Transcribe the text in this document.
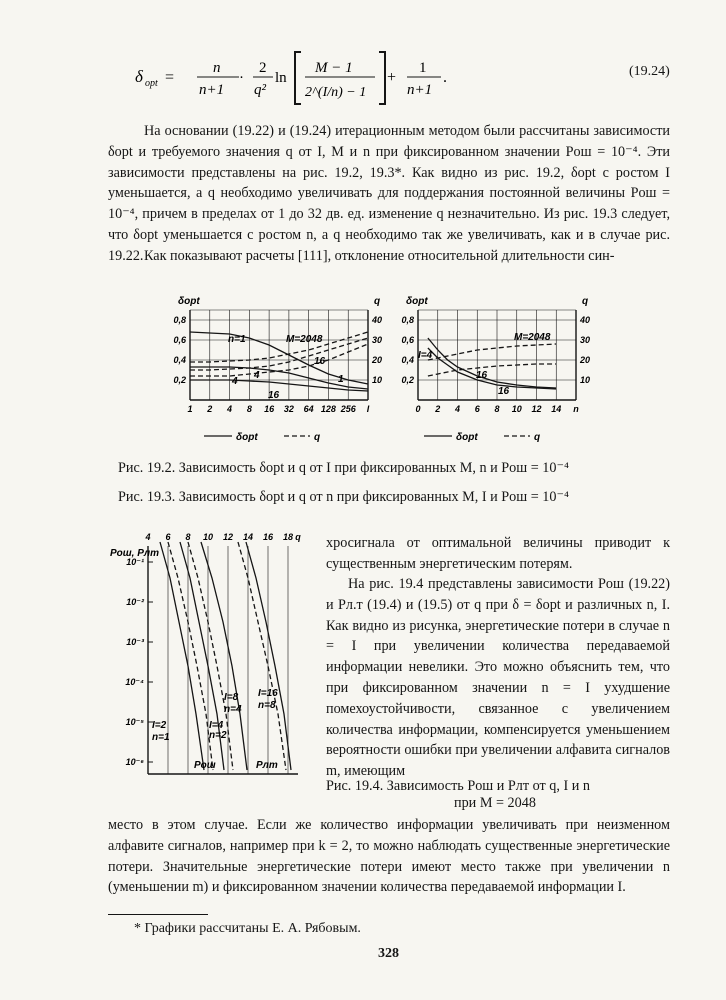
δ opt =
n
n+1
·
2
q²
ln
M − 1
2^(I/n) − 1
+
1
n+1
.	(19.24)
На основании (19.22) и (19.24) итерационным методом были рассчитаны зависимости δopt и требуемого значения q от I, M и n при фиксированном значении Pош = 10⁻⁴. Эти зависимости представлены на рис. 19.2, 19.3*. Как видно из рис. 19.2, δopt с ростом I уменьшается, а q необходимо увеличивать для поддержания постоянной величины Pош = 10⁻⁴, причем в пределах от 1 до 32 дв. ед. изменение q незначительно. Из рис. 19.3 следует, что δopt уменьшается с ростом n, а q необходимо так же увеличивать, как и в случае рис. 19.22. Как показывают расчеты [111], отклонение относительной длительности син-
1 2 4 8 16 32 64 128 256 I
0,8
0,6
0,4
0,2
40
30
20
10
δopt	q
n=1	M=2048
16
4	1
4
16
δopt	q
0 2 4 6 8 10 12 14 n
0,8
0,6
0,4
0,2
40
30
20
10
δopt	q
I=4
M=2048
16
16
δopt	q
Рис. 19.2. Зависимость δopt и q от I при фиксированных M, n и Pош = 10⁻⁴
Рис. 19.3. Зависимость δopt и q от n при фиксированных M, I и Pош = 10⁻⁴
4 6 8 10 12 14 16 18 q
10⁻¹
10⁻²
10⁻³
10⁻⁴
10⁻⁵
10⁻⁶
Pош, Pлт
I=2
n=1
I=4
n=2
I=8
n=4
I=16
n=8
Pош	Pлт
хросигнала от оптимальной величины приводит к существенным энергетическим потерям.
На рис. 19.4 представлены зависимости Pош (19.22) и Pл.т (19.4) и (19.5) от q при δ = δopt и различных n, I. Как видно из рисунка, энергетические потери в случае n = I при увеличении количества передаваемой информации невелики. Это можно объяснить тем, что при фиксированном значении n = I ухудшение помехоустойчивости, связанное с увеличением количества информации, компенсируется уменьшением вероятности ошибки при увеличении алфавита сигналов m, имеющим
Рис. 19.4. Зависимость Pош и Pлт от q, I и n
при M = 2048
место в этом случае. Если же количество информации увеличивать при неизменном алфавите сигналов, например при k = 2, то можно наблюдать существенные энергетические потери. Значительные энергетические потери имеют место также при увеличении n (уменьшении m) и фиксированном значении количества передаваемой информации I.
* Графики рассчитаны Е. А. Рябовым.
328
